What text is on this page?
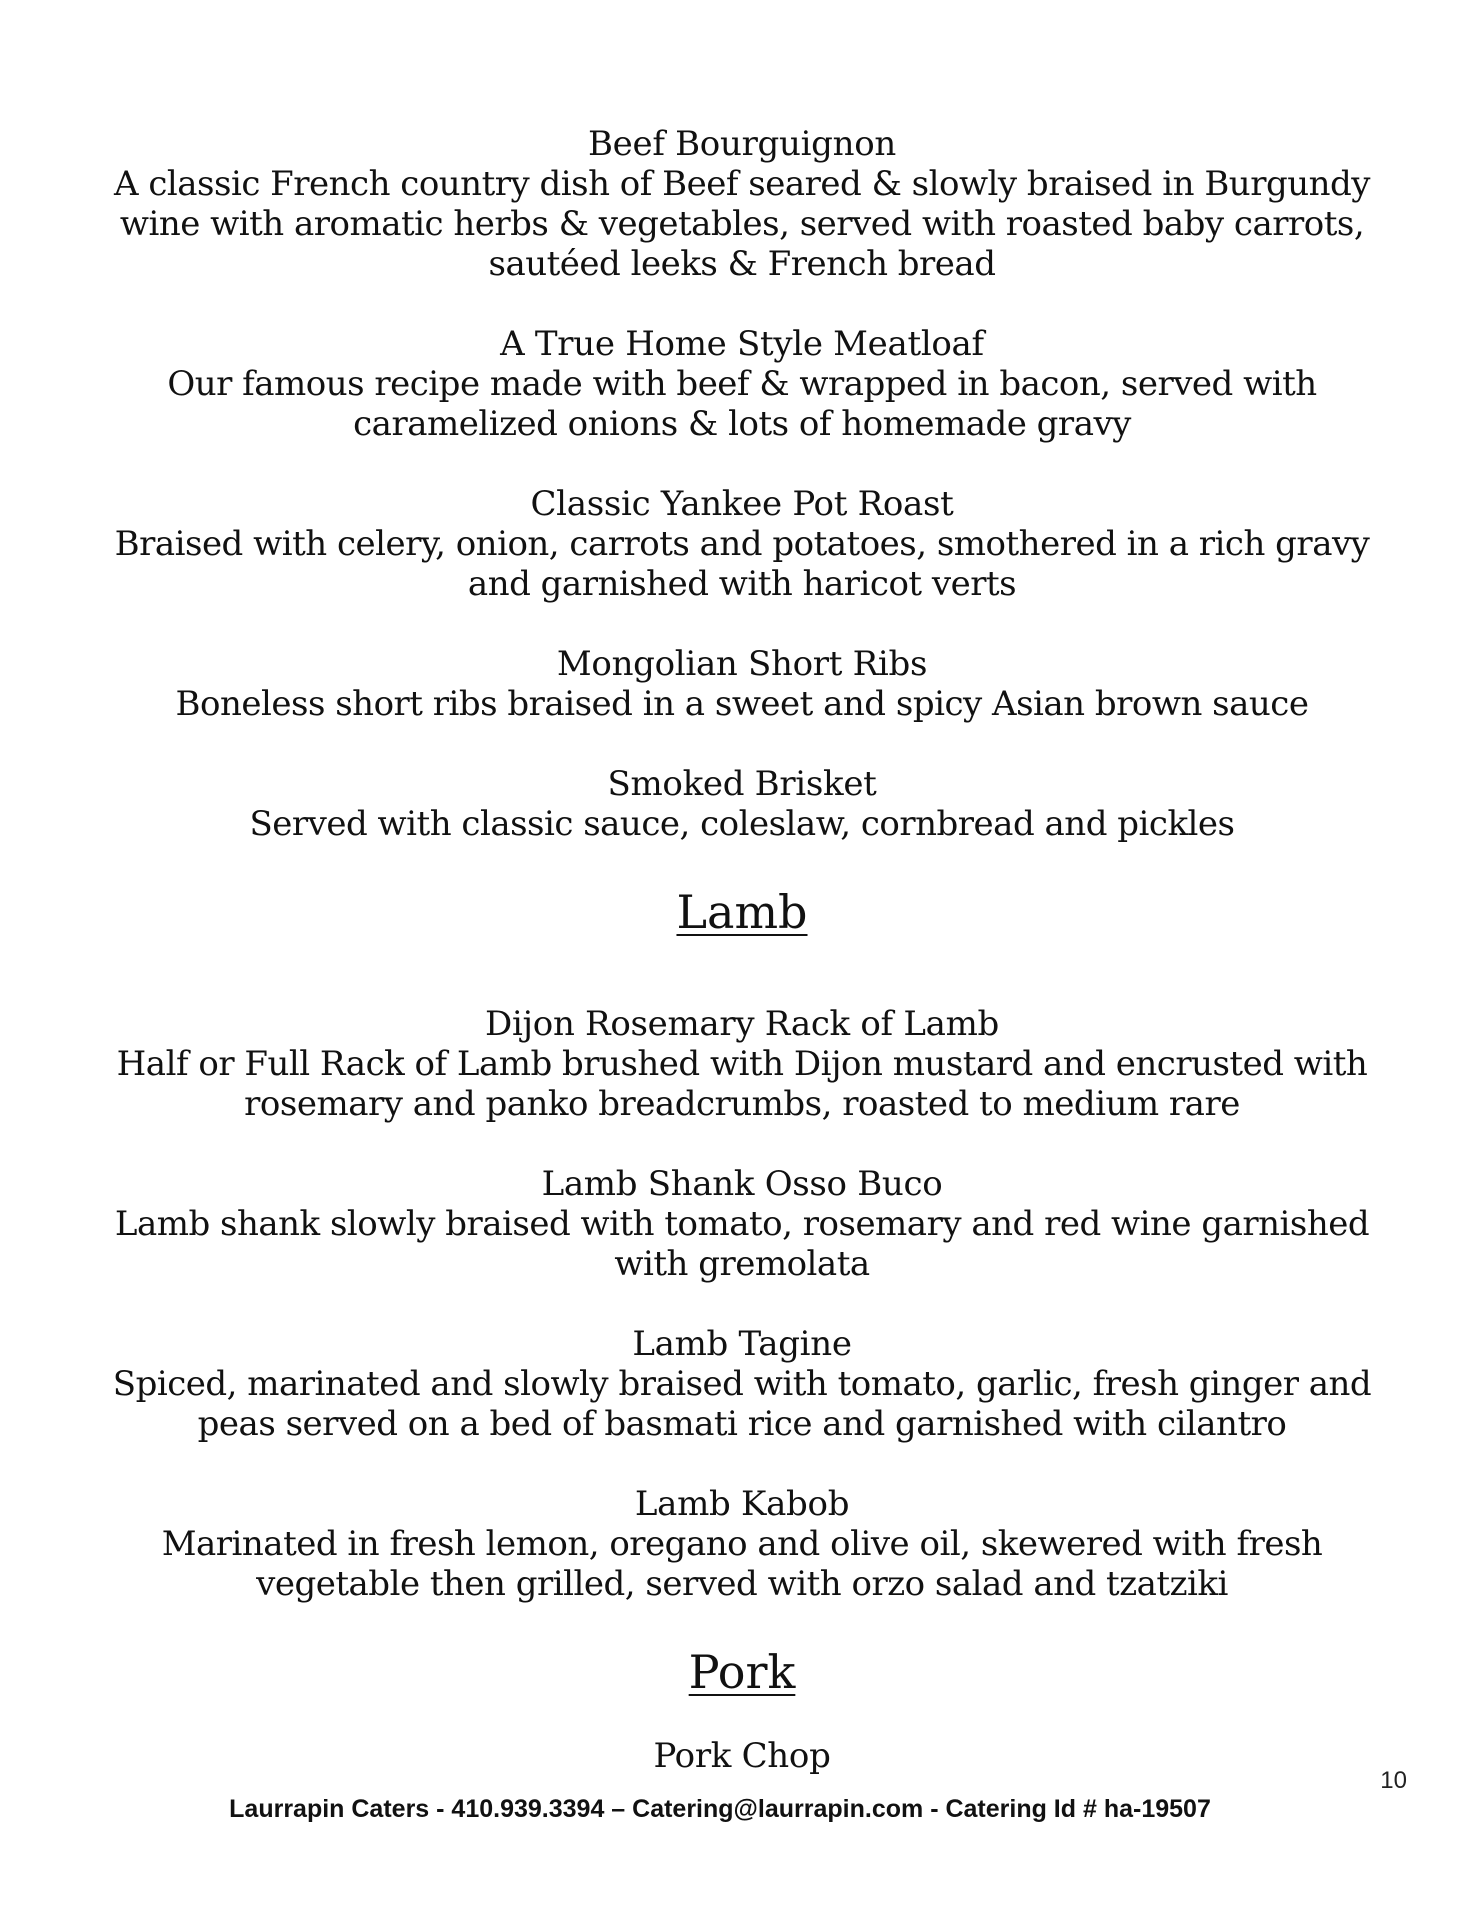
Beef Bourguignon
A classic French country dish of Beef seared & slowly braised in Burgundy wine with aromatic herbs & vegetables, served with roasted baby carrots, sautéed leeks & French bread
A True Home Style Meatloaf
Our famous recipe made with beef & wrapped in bacon, served with caramelized onions & lots of homemade gravy
Classic Yankee Pot Roast
Braised with celery, onion, carrots and potatoes, smothered in a rich gravy and garnished with haricot verts
Mongolian Short Ribs
Boneless short ribs braised in a sweet and spicy Asian brown sauce
Smoked Brisket
Served with classic sauce, coleslaw, cornbread and pickles
Lamb
Dijon Rosemary Rack of Lamb
Half or Full Rack of Lamb brushed with Dijon mustard and encrusted with rosemary and panko breadcrumbs, roasted to medium rare
Lamb Shank Osso Buco
Lamb shank slowly braised with tomato, rosemary and red wine garnished with gremolata
Lamb Tagine
Spiced, marinated and slowly braised with tomato, garlic, fresh ginger and peas served on a bed of basmati rice and garnished with cilantro
Lamb Kabob
Marinated in fresh lemon, oregano and olive oil, skewered with fresh vegetable then grilled, served with orzo salad and tzatziki
Pork
Pork Chop
10
Laurrapin Caters - 410.939.3394 – Catering@laurrapin.com - Catering Id # ha-19507
